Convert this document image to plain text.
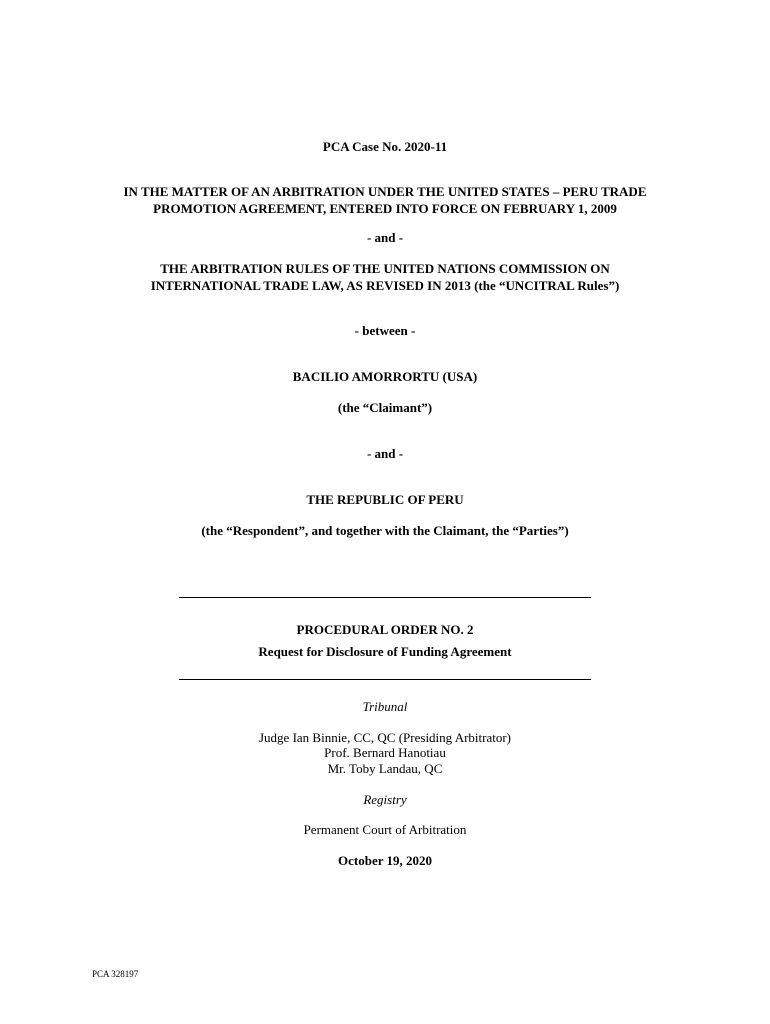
PCA Case No. 2020-11
IN THE MATTER OF AN ARBITRATION UNDER THE UNITED STATES – PERU TRADE
PROMOTION AGREEMENT, ENTERED INTO FORCE ON FEBRUARY 1, 2009
- and -
THE ARBITRATION RULES OF THE UNITED NATIONS COMMISSION ON
INTERNATIONAL TRADE LAW, AS REVISED IN 2013 (the “UNCITRAL Rules”)
- between -
BACILIO AMORRORTU (USA)
(the “Claimant”)
- and -
THE REPUBLIC OF PERU
(the “Respondent”, and together with the Claimant, the “Parties”)
PROCEDURAL ORDER NO. 2
Request for Disclosure of Funding Agreement
Tribunal
Judge Ian Binnie, CC, QC (Presiding Arbitrator)
Prof. Bernard Hanotiau
Mr. Toby Landau, QC
Registry
Permanent Court of Arbitration
October 19, 2020
PCA 328197
